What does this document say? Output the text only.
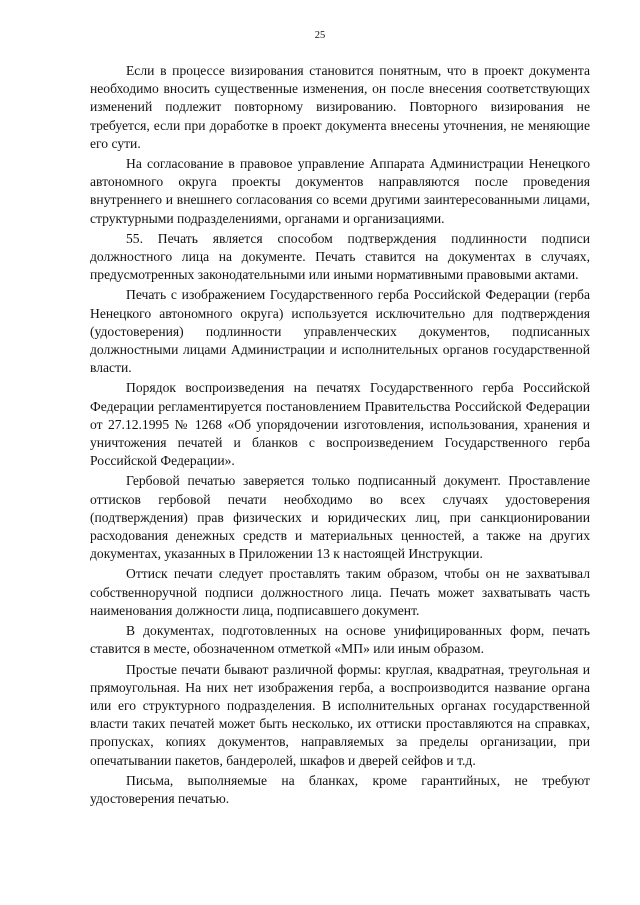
25

Если в процессе визирования становится понятным, что в проект документа необходимо вносить существенные изменения, он после внесения соответствующих изменений подлежит повторному визированию. Повторного визирования не требуется, если при доработке в проект документа внесены уточнения, не меняющие его сути.

На согласование в правовое управление Аппарата Администрации Ненецкого автономного округа проекты документов направляются после проведения внутреннего и внешнего согласования со всеми другими заинтересованными лицами, структурными подразделениями, органами и организациями.

55. Печать является способом подтверждения подлинности подписи должностного лица на документе. Печать ставится на документах в случаях, предусмотренных законодательными или иными нормативными правовыми актами.

Печать с изображением Государственного герба Российской Федерации (герба Ненецкого автономного округа) используется исключительно для подтверждения (удостоверения) подлинности управленческих документов, подписанных должностными лицами Администрации и исполнительных органов государственной власти.

Порядок воспроизведения на печатях Государственного герба Российской Федерации регламентируется постановлением Правительства Российской Федерации от 27.12.1995 № 1268 «Об упорядочении изготовления, использования, хранения и уничтожения печатей и бланков с воспроизведением Государственного герба Российской Федерации».

Гербовой печатью заверяется только подписанный документ. Проставление оттисков гербовой печати необходимо во всех случаях удостоверения (подтверждения) прав физических и юридических лиц, при санкционировании расходования денежных средств и материальных ценностей, а также на других документах, указанных в Приложении 13 к настоящей Инструкции.

Оттиск печати следует проставлять таким образом, чтобы он не захватывал собственноручной подписи должностного лица. Печать может захватывать часть наименования должности лица, подписавшего документ.

В документах, подготовленных на основе унифицированных форм, печать ставится в месте, обозначенном отметкой «МП» или иным образом.

Простые печати бывают различной формы: круглая, квадратная, треугольная и прямоугольная. На них нет изображения герба, а воспроизводится название органа или его структурного подразделения. В исполнительных органах государственной власти таких печатей может быть несколько, их оттиски проставляются на справках, пропусках, копиях документов, направляемых за пределы организации, при опечатывании пакетов, бандеролей, шкафов и дверей сейфов и т.д.

Письма, выполняемые на бланках, кроме гарантийных, не требуют удостоверения печатью.
